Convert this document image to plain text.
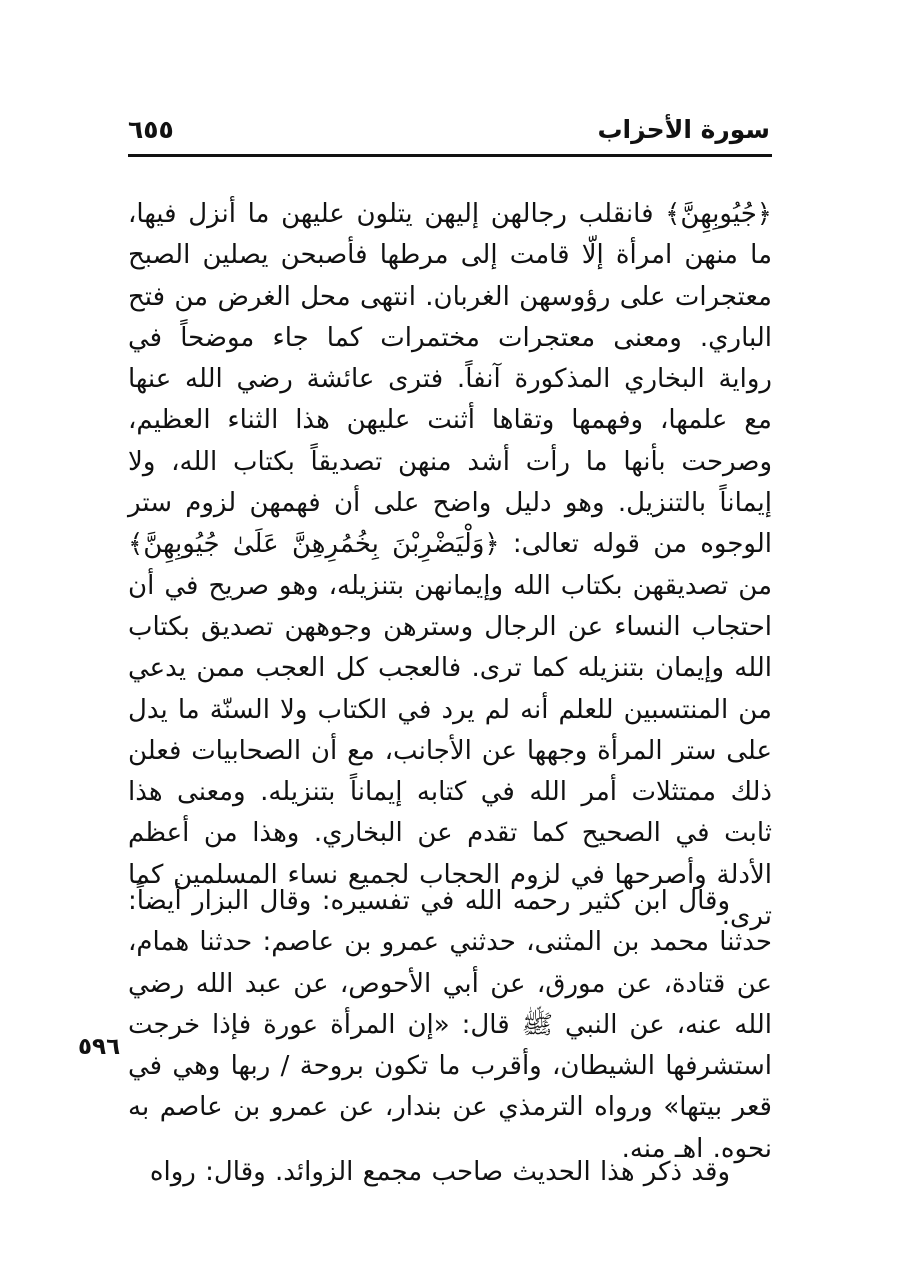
سورة الأحزاب
٦٥٥

﴿جُيُوبِهِنَّ﴾ فانقلب رجالهن إليهن يتلون عليهن ما أنزل فيها، ما منهن امرأة إلّا قامت إلى مرطها فأصبحن يصلين الصبح معتجرات على رؤوسهن الغربان. انتهى محل الغرض من فتح الباري. ومعنى معتجرات مختمرات كما جاء موضحاً في رواية البخاري المذكورة آنفاً. فترى عائشة رضي الله عنها مع علمها، وفهمها وتقاها أثنت عليهن هذا الثناء العظيم، وصرحت بأنها ما رأت أشد منهن تصديقاً بكتاب الله، ولا إيماناً بالتنزيل. وهو دليل واضح على أن فهمهن لزوم ستر الوجوه من قوله تعالى: ﴿وَلْيَضْرِبْنَ بِخُمُرِهِنَّ عَلَىٰ جُيُوبِهِنَّ﴾ من تصديقهن بكتاب الله وإيمانهن بتنزيله، وهو صريح في أن احتجاب النساء عن الرجال وسترهن وجوههن تصديق بكتاب الله وإيمان بتنزيله كما ترى. فالعجب كل العجب ممن يدعي من المنتسبين للعلم أنه لم يرد في الكتاب ولا السنّة ما يدل على ستر المرأة وجهها عن الأجانب، مع أن الصحابيات فعلن ذلك ممتثلات أمر الله في كتابه إيماناً بتنزيله. ومعنى هذا ثابت في الصحيح كما تقدم عن البخاري. وهذا من أعظم الأدلة وأصرحها في لزوم الحجاب لجميع نساء المسلمين كما ترى.

وقال ابن كثير رحمه الله في تفسيره: وقال البزار أيضاً: حدثنا محمد بن المثنى، حدثني عمرو بن عاصم: حدثنا همام، عن قتادة، عن مورق، عن أبي الأحوص، عن عبد الله رضي الله عنه، عن النبي ﷺ قال: «إن المرأة عورة فإذا خرجت استشرفها الشيطان، وأقرب ما تكون بروحة / ربها وهي في قعر بيتها» ورواه الترمذي عن بندار، عن عمرو بن عاصم به نحوه. اهـ منه.

٥٩٦

وقد ذكر هذا الحديث صاحب مجمع الزوائد. وقال: رواه
